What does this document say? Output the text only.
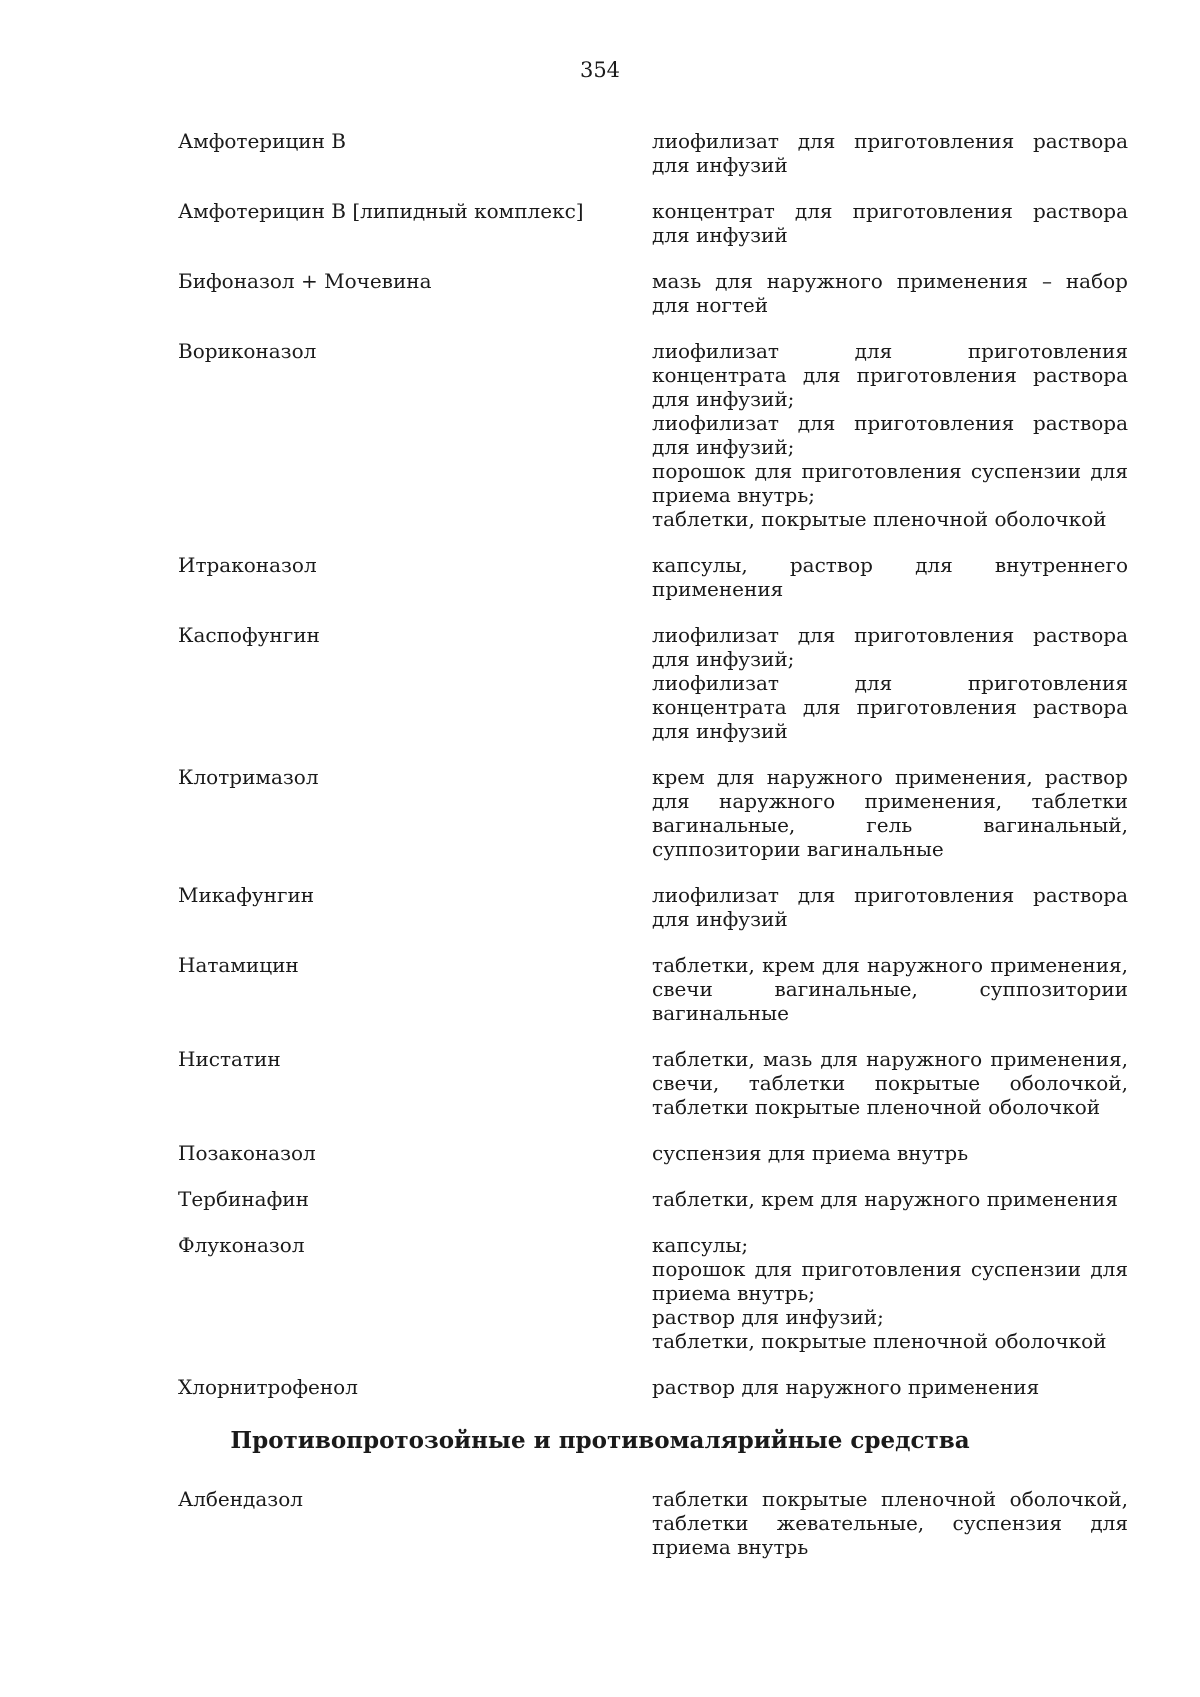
354
Амфотерицин B	лиофилизат для приготовления раствора для инфузий
Амфотерицин B [липидный комплекс]	концентрат для приготовления раствора для инфузий
Бифоназол + Мочевина	мазь для наружного применения – набор для ногтей
Вориконазол	лиофилизат для приготовления концентрата для приготовления раствора для инфузий;
лиофилизат для приготовления раствора для инфузий;
порошок для приготовления суспензии для приема внутрь;
таблетки, покрытые пленочной оболочкой
Итраконазол	капсулы, раствор для внутреннего применения
Каспофунгин	лиофилизат для приготовления раствора для инфузий;
лиофилизат для приготовления концентрата для приготовления раствора для инфузий
Клотримазол	крем для наружного применения, раствор для наружного применения, таблетки вагинальные, гель вагинальный, суппозитории вагинальные
Микафунгин	лиофилизат для приготовления раствора для инфузий
Натамицин	таблетки, крем для наружного применения, свечи вагинальные, суппозитории вагинальные
Нистатин	таблетки, мазь для наружного применения, свечи, таблетки покрытые оболочкой, таблетки покрытые пленочной оболочкой
Позаконазол	суспензия для приема внутрь
Тербинафин	таблетки, крем для наружного применения
Флуконазол	капсулы;
порошок для приготовления суспензии для приема внутрь;
раствор для инфузий;
таблетки, покрытые пленочной оболочкой
Хлорнитрофенол	раствор для наружного применения
Противопротозойные и противомалярийные средства
Албендазол	таблетки покрытые пленочной оболочкой, таблетки жевательные, суспензия для приема внутрь
